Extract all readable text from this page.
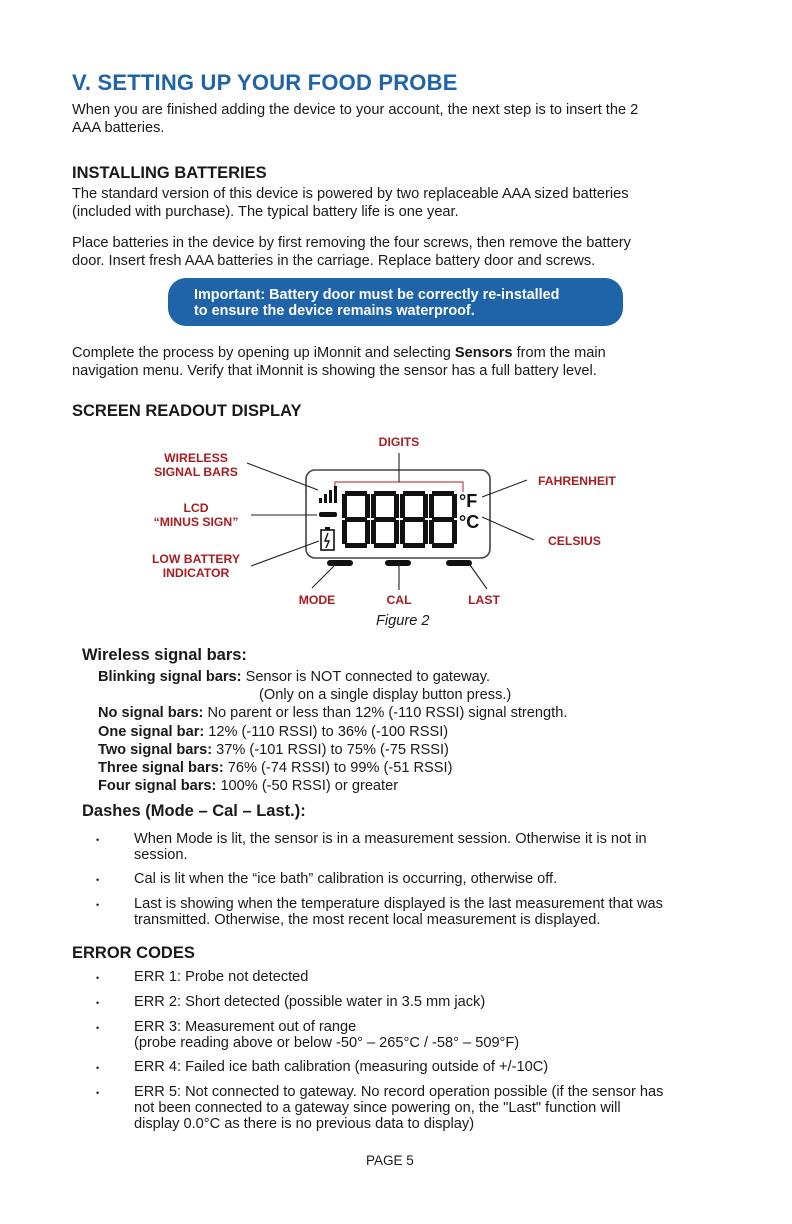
V. SETTING UP YOUR FOOD PROBE
When you are finished adding the device to your account, the next step is to insert the 2
AAA batteries.
INSTALLING BATTERIES
The standard version of this device is powered by two replaceable AAA sized batteries
(included with purchase). The typical battery life is one year.
Place batteries in the device by first removing the four screws, then remove the battery
door. Insert fresh AAA batteries in the carriage. Replace battery door and screws.
Important: Battery door must be correctly re-installed
to ensure the device remains waterproof.
Complete the process by opening up iMonnit and selecting Sensors from the main
navigation menu. Verify that iMonnit is showing the sensor has a full battery level.
SCREEN READOUT DISPLAY
°F
°C
DIGITS
WIRELESS
SIGNAL BARS
LCD
“MINUS SIGN”
LOW BATTERY
INDICATOR
FAHRENHEIT
CELSIUS
MODE	CAL	LAST
Figure 2
Wireless signal bars:
Blinking signal bars: Sensor is NOT connected to gateway.
(Only on a single display button press.)
No signal bars: No parent or less than 12% (-110 RSSI) signal strength.
One signal bar: 12% (-110 RSSI) to 36% (-100 RSSI)
Two signal bars: 37% (-101 RSSI) to 75% (-75 RSSI)
Three signal bars: 76% (-74 RSSI) to 99% (-51 RSSI)
Four signal bars: 100% (-50 RSSI) or greater
Dashes (Mode – Cal – Last.):
• When Mode is lit, the sensor is in a measurement session. Otherwise it is not in
session.
• Cal is lit when the “ice bath” calibration is occurring, otherwise off.
• Last is showing when the temperature displayed is the last measurement that was
transmitted. Otherwise, the most recent local measurement is displayed.
ERROR CODES
• ERR 1: Probe not detected
• ERR 2: Short detected (possible water in 3.5 mm jack)
• ERR 3: Measurement out of range
(probe reading above or below -50° – 265°C / -58° – 509°F)
• ERR 4: Failed ice bath calibration (measuring outside of +/-10C)
• ERR 5: Not connected to gateway. No record operation possible (if the sensor has
not been connected to a gateway since powering on, the "Last" function will
display 0.0°C as there is no previous data to display)
PAGE 5
